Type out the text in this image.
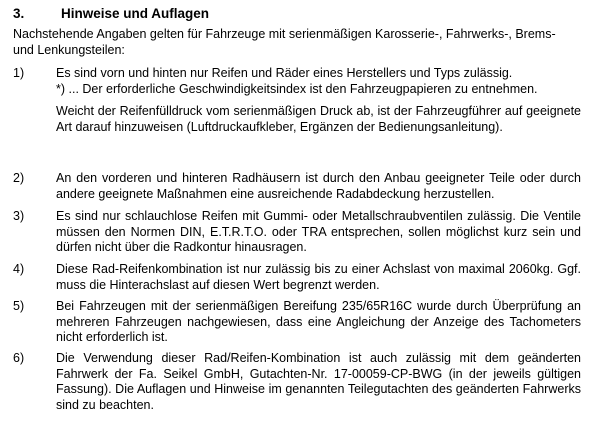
3.	Hinweise und Auflagen

Nachstehende Angaben gelten für Fahrzeuge mit serienmäßigen Karosserie-, Fahrwerks-, Brems- und Lenkungsteilen:

1)	Es sind vorn und hinten nur Reifen und Räder eines Herstellers und Typs zulässig.

*) ... Der erforderliche Geschwindigkeitsindex ist den Fahrzeugpapieren zu entnehmen.

Weicht der Reifenfülldruck vom serienmäßigen Druck ab, ist der Fahrzeugführer auf geeignete Art darauf hinzuweisen (Luftdruckaufkleber, Ergänzen der Bedienungsanleitung).

2)	An den vorderen und hinteren Radhäusern ist durch den Anbau geeigneter Teile oder durch andere geeignete Maßnahmen eine ausreichende Radabdeckung herzustellen.

3)	Es sind nur schlauchlose Reifen mit Gummi- oder Metallschraubventilen zulässig. Die Ventile müssen den Normen DIN, E.T.R.T.O. oder TRA entsprechen, sollen möglichst kurz sein und dürfen nicht über die Radkontur hinausragen.

4)	Diese Rad-Reifenkombination ist nur zulässig bis zu einer Achslast von maximal 2060kg. Ggf. muss die Hinterachslast auf diesen Wert begrenzt werden.

5)	Bei Fahrzeugen mit der serienmäßigen Bereifung 235/65R16C wurde durch Überprüfung an mehreren Fahrzeugen nachgewiesen, dass eine Angleichung der Anzeige des Tachometers nicht erforderlich ist.

6)	Die Verwendung dieser Rad/Reifen-Kombination ist auch zulässig mit dem geänderten Fahrwerk der Fa. Seikel GmbH, Gutachten-Nr. 17-00059-CP-BWG (in der jeweils gültigen Fassung). Die Auflagen und Hinweise im genannten Teilegutachten des geänderten Fahrwerks sind zu beachten.
